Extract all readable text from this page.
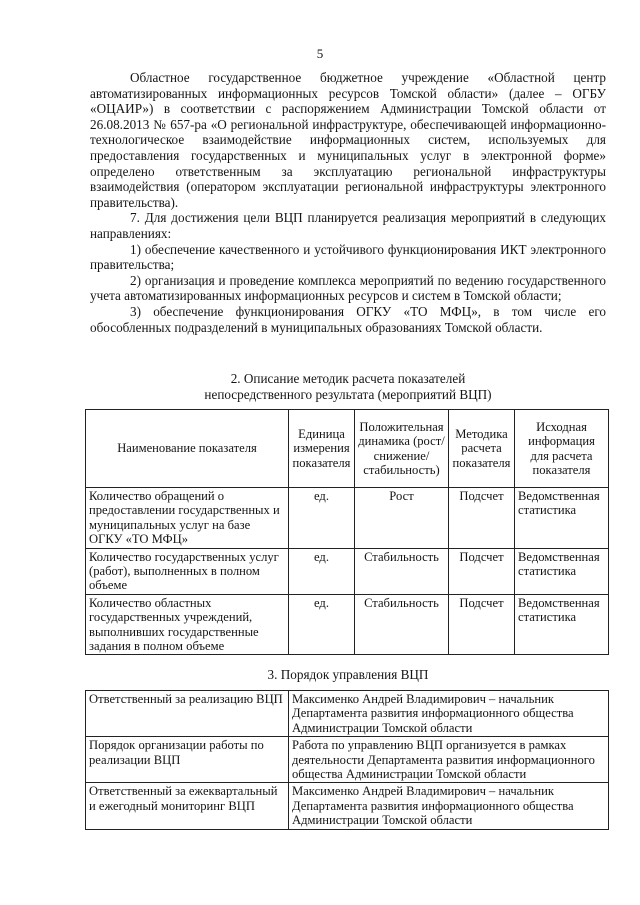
5

Областное государственное бюджетное учреждение «Областной центр автоматизированных информационных ресурсов Томской области» (далее – ОГБУ «ОЦАИР») в соответствии с распоряжением Администрации Томской области от 26.08.2013 № 657-ра «О региональной инфраструктуре, обеспечивающей информационно-технологическое взаимодействие информационных систем, используемых для предоставления государственных и муниципальных услуг в электронной форме» определено ответственным за эксплуатацию региональной инфраструктуры взаимодействия (оператором эксплуатации региональной инфраструктуры электронного правительства).

7. Для достижения цели ВЦП планируется реализация мероприятий в следующих направлениях:

1) обеспечение качественного и устойчивого функционирования ИКТ электронного правительства;

2) организация и проведение комплекса мероприятий по ведению государственного учета автоматизированных информационных ресурсов и систем в Томской области;

3) обеспечение функционирования ОГКУ «ТО МФЦ», в том числе его обособленных подразделений в муниципальных образованиях Томской области.

2. Описание методик расчета показателей

непосредственного результата (мероприятий ВЦП)

Наименование показателя	Единица измерения показателя	Положительная динамика (рост/ снижение/ стабильность)	Методика расчета показателя	Исходная информация для расчета показателя
Количество обращений о предоставлении государственных и муниципальных услуг на базе ОГКУ «ТО МФЦ»	ед.	Рост	Подсчет	Ведомственная статистика
Количество государственных услуг (работ), выполненных в полном объеме	ед.	Стабильность	Подсчет	Ведомственная статистика
Количество областных государственных учреждений, выполнивших государственные задания в полном объеме	ед.	Стабильность	Подсчет	Ведомственная статистика

3. Порядок управления ВЦП

Ответственный за реализацию ВЦП	Максименко Андрей Владимирович – начальник Департамента развития информационного общества Администрации Томской области
Порядок организации работы по реализации ВЦП	Работа по управлению ВЦП организуется в рамках деятельности Департамента развития информационного общества Администрации Томской области
Ответственный за ежеквартальный и ежегодный мониторинг ВЦП	Максименко Андрей Владимирович – начальник Департамента развития информационного общества Администрации Томской области
